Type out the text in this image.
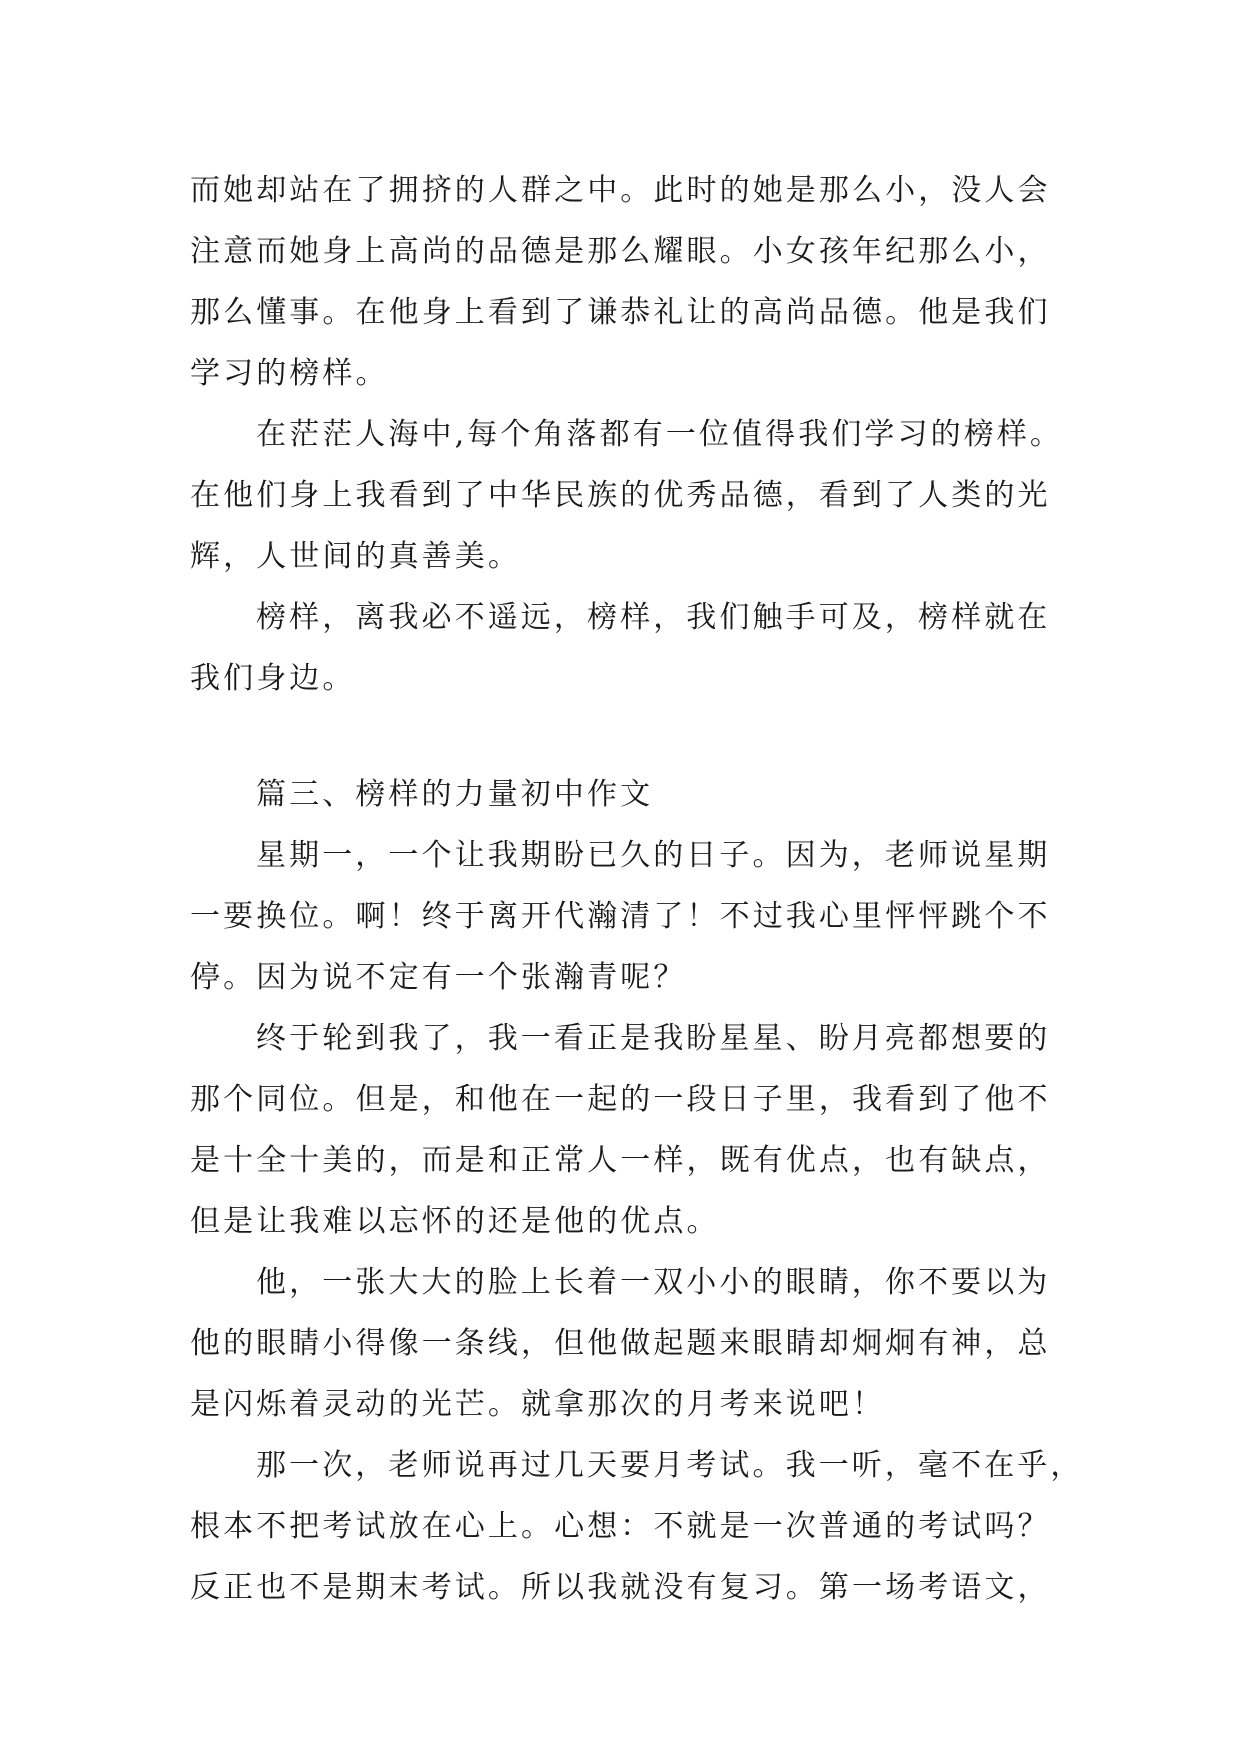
而她却站在了拥挤的人群之中。此时的她是那么小，没人会
注意而她身上高尚的品德是那么耀眼。小女孩年纪那么小，
那么懂事。在他身上看到了谦恭礼让的高尚品德。他是我们
学习的榜样。
在茫茫人海中,每个角落都有一位值得我们学习的榜样。
在他们身上我看到了中华民族的优秀品德，看到了人类的光
辉，人世间的真善美。
榜样，离我必不遥远，榜样，我们触手可及，榜样就在
我们身边。
篇三、榜样的力量初中作文
星期一，一个让我期盼已久的日子。因为，老师说星期
一要换位。啊！终于离开代瀚清了！不过我心里怦怦跳个不
停。因为说不定有一个张瀚青呢？
终于轮到我了，我一看正是我盼星星、盼月亮都想要的
那个同位。但是，和他在一起的一段日子里，我看到了他不
是十全十美的，而是和正常人一样，既有优点，也有缺点，
但是让我难以忘怀的还是他的优点。
他，一张大大的脸上长着一双小小的眼睛，你不要以为
他的眼睛小得像一条线，但他做起题来眼睛却炯炯有神，总
是闪烁着灵动的光芒。就拿那次的月考来说吧！
那一次，老师说再过几天要月考试。我一听，毫不在乎，
根本不把考试放在心上。心想：不就是一次普通的考试吗？
反正也不是期末考试。所以我就没有复习。第一场考语文，
